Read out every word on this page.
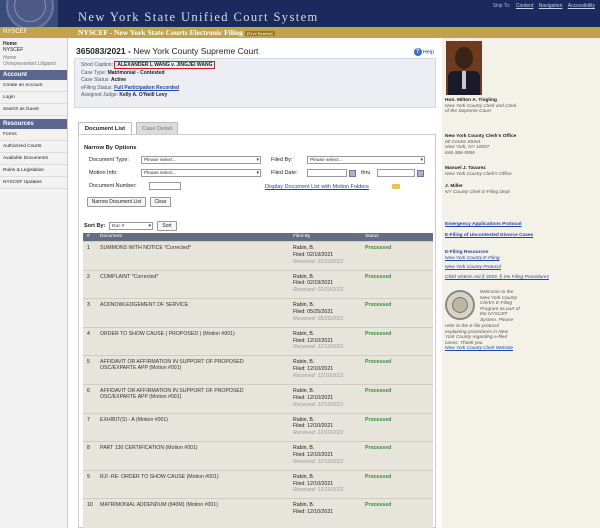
New York State Unified Court System
Skip To: Content Navigation Accessibility
NYSCEF	NYSCEF - New York State Courts Electronic Filing (Live System)
Home
NYSCEF
Home
Unrepresented Litigants
Account
Create an Account
Login
Search as Guest
Resources
Forms
Authorized Courts
Available Documents
Rules & Legislation
NYSCEF Updates
365083/2021 - New York County Supreme Court	? Help
Short Caption: ALEXANDER L WANG v. JINGJEI WANG
Case Type: Matrimonial - Contested
Case Status: Active
eFiling Status: Full Participation Recorded
Assigned Judge: Kelly A. O'Neill Levy
Document List	Case Detail
Narrow By Options
Document Type:	Please select...	▾
Motion Info:	Please select...	▾
Document Number:
Filed By:	Please select...	▾
Filed Date:	thru
Display Document List with Motion Folders
Narrow Document List	Clear
Sort By:	Doc #	▾	Sort
# Document	Filed By	Status
1 SUMMONS WITH NOTICE *Corrected*	Rabin, B.

Filed: 02/19/2021

Received: 02/23/2021
Processed
2 COMPLAINT *Corrected*	Rabin, B.

Filed: 02/19/2021

Received: 02/23/2021
Processed
3 ACKNOWLEDGEMENT OF SERVICE	Rabin, B.

Filed: 05/25/2021

Received: 05/25/2021
Processed
4 ORDER TO SHOW CAUSE ( PROPOSED ) (Motion #001)	Rabin, B.

Filed: 12/10/2021

Received: 12/10/2021
Processed
5 AFFIDAVIT OR AFFIRMATION IN SUPPORT OF PROPOSED

OSC/EXPARTE APP (Motion #001)
Rabin, B.

Filed: 12/10/2021

Received: 12/10/2021
Processed
6 AFFIDAVIT OR AFFIRMATION IN SUPPORT OF PROPOSED

OSC/EXPARTE APP (Motion #001)
Rabin, B.

Filed: 12/10/2021

Received: 12/10/2021
Processed
7 EXHIBIT(S) - A (Motion #001)	Rabin, B.

Filed: 12/10/2021

Received: 12/10/2021
Processed
8 PART 130 CERTIFICATION (Motion #001)	Rabin, B.

Filed: 12/10/2021

Received: 12/10/2021
Processed
9 RJI -RE: ORDER TO SHOW CAUSE (Motion #001)	Rabin, B.

Filed: 12/10/2021

Received: 12/10/2021
Processed
10 MATRIMONIAL ADDENDUM (840M) (Motion #001)	Rabin, B.

Filed: 12/10/2021

Processed
Hon. Milton A. Tingling
New York County Clerk and Clerk
of the Supreme Court
New York County Clerk's Office
60 Centre Street
New York, NY 10007
646-386-5956
Manuel J. Tavarez
New York County Clerk's Office
J. Miller
NY County Clerk E-Filing Dept
Emergency Applications Protocol
E-Filing of Uncontested Divorce Cases
E-Filing Resources
New York County E-Filing
New York County Protocol
Child Victims Act § 3019, § 1% Filing Procedures
Welcome to the
New York County
Clerk's E-Filing
Program as part of
the NYSCEF
System. Please
refer to the E-file protocol
explaining procedures in New
York County regarding e-filed
cases. Thank you
New York County Clerk Website
